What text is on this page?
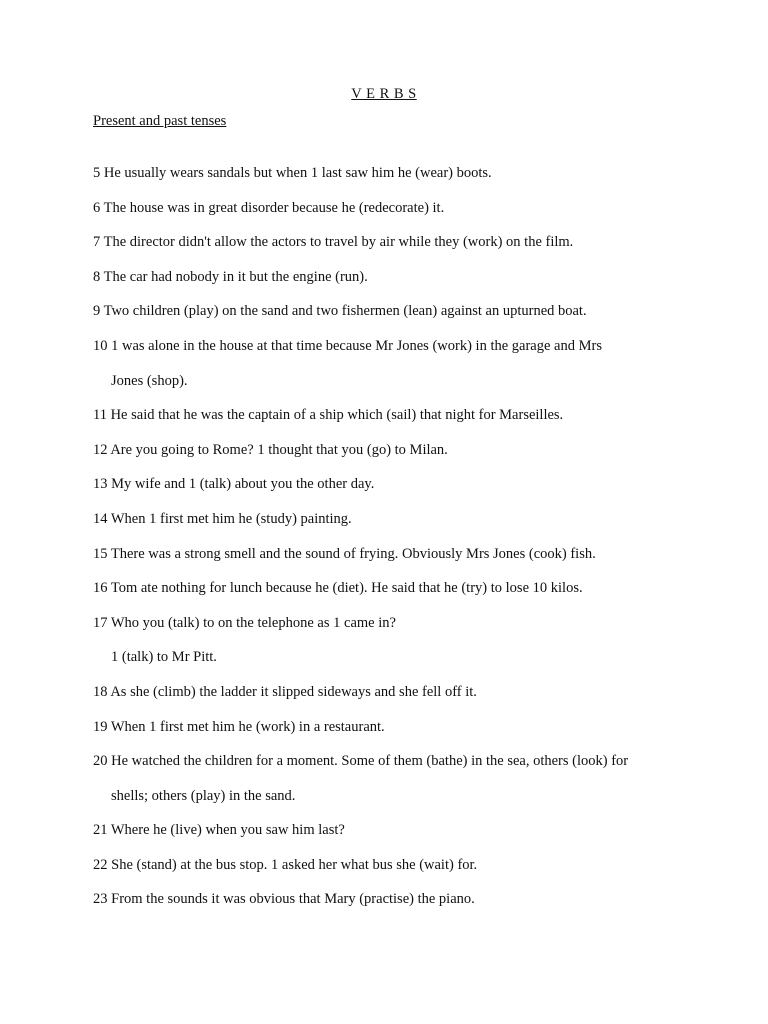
V E R B S
Present and past tenses
5 He usually wears sandals but when 1 last saw him he (wear) boots.
6 The house was in great disorder because he (redecorate) it.
7 The director didn't allow the actors to travel by air while they (work) on the film.
8 The car had nobody in it but the engine (run).
9 Two children (play) on the sand and two fishermen (lean) against an upturned boat.
10 1 was alone in the house at that time because Mr Jones (work) in the garage and Mrs
Jones (shop).
11 He said that he was the captain of a ship which (sail) that night for Marseilles.
12 Are you going to Rome? 1 thought that you (go) to Milan.
13 My wife and 1 (talk) about you the other day.
14 When 1 first met him he (study) painting.
15 There was a strong smell and the sound of frying. Obviously Mrs Jones (cook) fish.
16 Tom ate nothing for lunch because he (diet). He said that he (try) to lose 10 kilos.
17 Who you (talk) to on the telephone as 1 came in?
1 (talk) to Mr Pitt.
18 As she (climb) the ladder it slipped sideways and she fell off it.
19 When 1 first met him he (work) in a restaurant.
20 He watched the children for a moment. Some of them (bathe) in the sea, others (look) for
shells; others (play) in the sand.
21 Where he (live) when you saw him last?
22 She (stand) at the bus stop. 1 asked her what bus she (wait) for.
23 From the sounds it was obvious that Mary (practise) the piano.
